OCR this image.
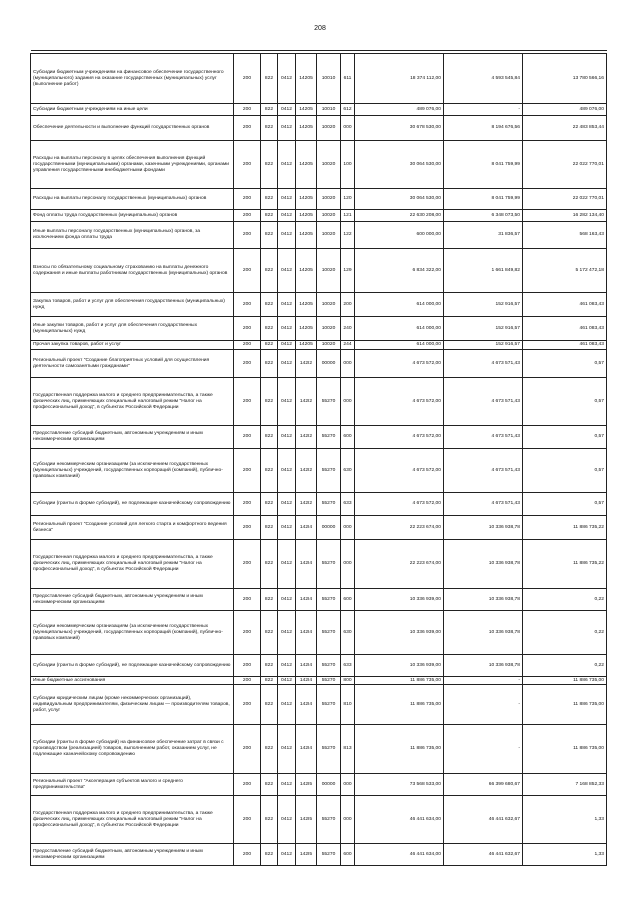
208

Субсидии бюджетным учреждениям на финансовое обеспечение государственного (муниципального) задания на оказание государственных (муниципальных) услуг (выполнение работ)	200	822	0412	14205	10010	611	18 374 112,00	4 593 545,84	13 780 566,16
Субсидии бюджетным учреждениям на иные цели	200	822	0412	14205	10010	612	489 076,00	-	489 076,00
Обеспечение деятельности и выполнение функций государственных органов	200	822	0412	14205	10020	000	30 678 530,00	8 194 676,56	22 483 853,44
Расходы на выплаты персоналу в целях обеспечения выполнения функций государственными (муниципальными) органами, казенными учреждениями, органами управления государственными внебюджетными фондами	200	822	0412	14205	10020	100	30 064 530,00	8 041 759,99	22 022 770,01
Расходы на выплаты персоналу государственных (муниципальных) органов	200	822	0412	14205	10020	120	30 064 530,00	8 041 759,99	22 022 770,01
Фонд оплаты труда государственных (муниципальных) органов	200	822	0412	14205	10020	121	22 630 208,00	6 348 073,50	16 282 134,40
Иные выплаты персоналу государственных (муниципальных) органов, за исключением фонда оплаты труда	200	822	0412	14205	10020	122	600 000,00	31 836,57	568 163,43
Взносы по обязательному социальному страхованию на выплаты денежного содержания и иные выплаты работникам государственных (муниципальных) органов	200	822	0412	14205	10020	129	6 834 322,00	1 661 849,82	5 172 472,18
Закупка товаров, работ и услуг для обеспечения государственных (муниципальных) нужд	200	822	0412	14205	10020	200	614 000,00	152 916,57	461 083,43
Иные закупки товаров, работ и услуг для обеспечения государственных (муниципальных) нужд	200	822	0412	14205	10020	240	614 000,00	152 916,57	461 083,43
Прочая закупка товаров, работ и услуг	200	822	0412	14205	10020	244	614 000,00	152 916,57	461 083,43
Региональный проект "Создание благоприятных условий для осуществления деятельности самозанятыми гражданами"	200	822	0412	142I2	00000	000	4 673 572,00	4 673 571,43	0,57
Государственная поддержка малого и среднего предпринимательства, а также физических лиц, применяющих специальный налоговый режим "Налог на профессиональный доход", в субъектах Российской Федерации	200	822	0412	142I2	55270	000	4 673 572,00	4 673 571,43	0,57
Предоставление субсидий бюджетным, автономным учреждениям и иным некоммерческим организациям	200	822	0412	142I2	55270	600	4 673 572,00	4 673 571,43	0,57
Субсидии некоммерческим организациям (за исключением государственных (муниципальных) учреждений, государственных корпораций (компаний), публично-правовых компаний)	200	822	0412	142I2	55270	630	4 673 572,00	4 673 571,43	0,57
Субсидии (гранты в форме субсидий), не подлежащие казначейскому сопровождению	200	822	0412	142I2	55270	633	4 673 572,00	4 673 571,43	0,57
Региональный проект "Создание условий для легкого старта и комфортного ведения бизнеса"	200	822	0412	142I4	00000	000	22 223 674,00	10 336 938,78	11 886 735,22
Государственная поддержка малого и среднего предпринимательства, а также физических лиц, применяющих специальный налоговый режим "Налог на профессиональный доход", в субъектах Российской Федерации	200	822	0412	142I4	55270	000	22 223 674,00	10 336 938,78	11 886 735,22
Предоставление субсидий бюджетным, автономным учреждениям и иным некоммерческим организациям	200	822	0412	142I4	55270	600	10 336 939,00	10 336 938,78	0,22
Субсидии некоммерческим организациям (за исключением государственных (муниципальных) учреждений, государственных корпораций (компаний), публично-правовых компаний)	200	822	0412	142I4	55270	630	10 336 939,00	10 336 938,78	0,22
Субсидии (гранты в форме субсидий), не подлежащие казначейскому сопровождению	200	822	0412	142I4	55270	633	10 336 939,00	10 336 938,78	0,22
Иные бюджетные ассигнования	200	822	0412	142I4	55270	800	11 886 735,00	-	11 886 735,00
Субсидии юридическим лицам (кроме некоммерческих организаций), индивидуальным предпринимателям, физическим лицам — производителям товаров, работ, услуг	200	822	0412	142I4	55270	810	11 886 735,00	-	11 886 735,00
Субсидии (гранты в форме субсидий) на финансовое обеспечение затрат в связи с производством (реализацией) товаров, выполнением работ, оказанием услуг, не подлежащие казначейскому сопровождению	200	822	0412	142I4	55270	813	11 886 735,00	-	11 886 735,00
Региональный проект "Акселерация субъектов малого и среднего предпринимательства"	200	822	0412	142I5	00000	000	73 568 533,00	66 399 680,67	7 168 852,33
Государственная поддержка малого и среднего предпринимательства, а также физических лиц, применяющих специальный налоговый режим "Налог на профессиональный доход", в субъектах Российской Федерации	200	822	0412	142I5	55270	000	46 441 634,00	46 441 632,67	1,33
Предоставление субсидий бюджетным, автономным учреждениям и иным некоммерческим организациям	200	822	0412	142I5	55270	600	46 441 634,00	46 441 632,67	1,33
